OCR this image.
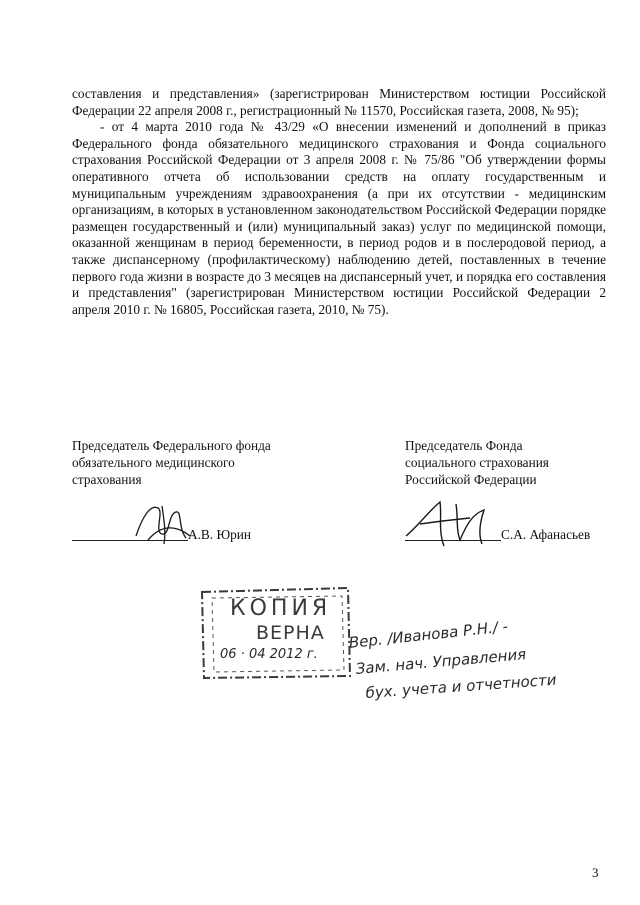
составления и представления» (зарегистрирован Министерством юстиции Российской Федерации 22 апреля 2008 г., регистрационный № 11570, Российская газета, 2008, № 95);

- от 4 марта 2010 года № 43/29 «О внесении изменений и дополнений в приказ Федерального фонда обязательного медицинского страхования и Фонда социального страхования Российской Федерации от 3 апреля 2008 г. № 75/86 "Об утверждении формы оперативного отчета об использовании средств на оплату государственным и муниципальным учреждениям здравоохранения (а при их отсутствии - медицинским организациям, в которых в установленном законодательством Российской Федерации порядке размещен государственный и (или) муниципальный заказ) услуг по медицинской помощи, оказанной женщинам в период беременности, в период родов и в послеродовой период, а также диспансерному (профилактическому) наблюдению детей, поставленных в течение первого года жизни в возрасте до 3 месяцев на диспансерный учет, и порядка его составления и представления" (зарегистрирован Министерством юстиции Российской Федерации 2 апреля 2010 г. № 16805, Российская газета, 2010, № 75).

Председатель Федерального фонда
обязательного медицинского
страхования
А.В. Юрин
Председатель Фонда
социального страхования
Российской Федерации
С.А. Афанасьев
КОПИЯ
ВЕРНА
06 · 04 2012 г.
Вер. /Иванова Р.Н./ -
Зам. нач. Управления
бух. учета и отчетности
3
